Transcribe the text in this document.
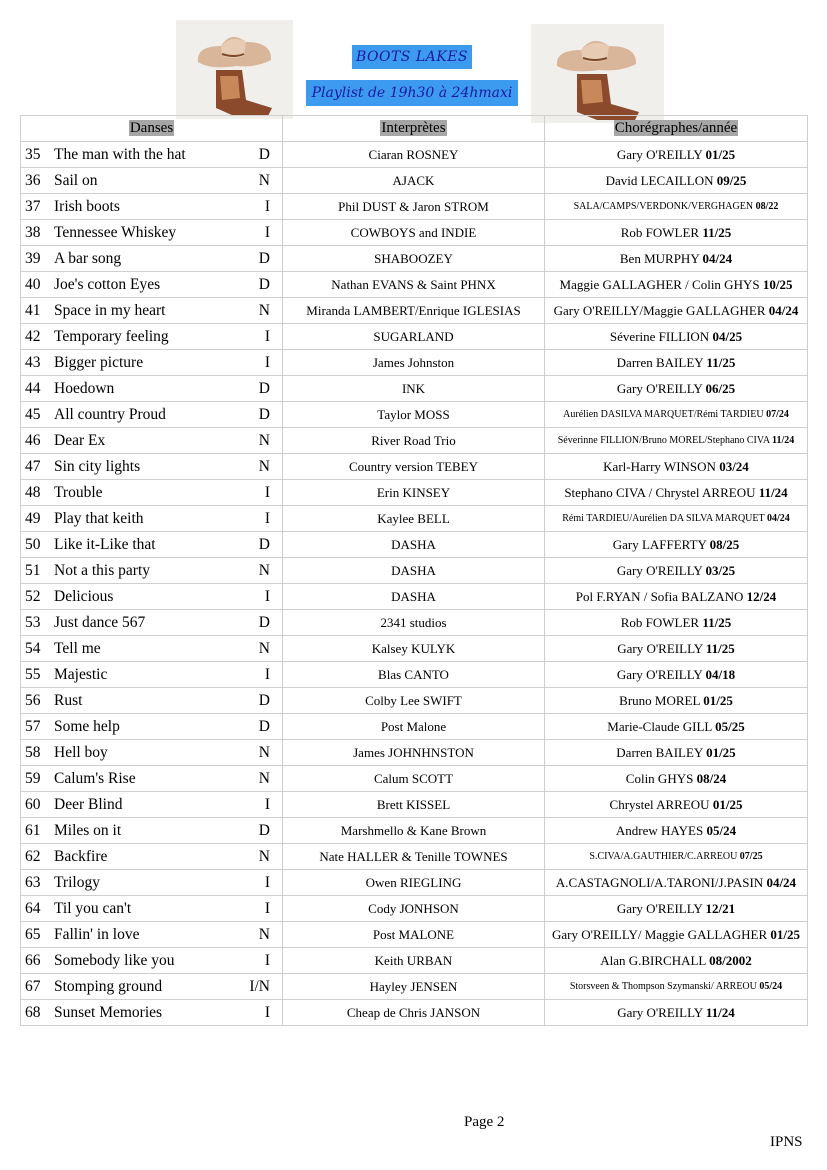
BOOTS LAKES
Playlist de 19h30 à 24hmaxi
Danses	Interprètes	Chorégraphes/année

35 The man with the hat D	Ciaran ROSNEY	Gary O'REILLY 01/25

36 Sail on N	AJACK	David LECAILLON 09/25

37 Irish boots I	Phil DUST & Jaron STROM	SALA/CAMPS/VERDONK/VERGHAGEN 08/22

38 Tennessee Whiskey I	COWBOYS and INDIE	Rob FOWLER 11/25

39 A bar song D	SHABOOZEY	Ben MURPHY 04/24

40 Joe's cotton Eyes D	Nathan EVANS & Saint PHNX	Maggie GALLAGHER / Colin GHYS 10/25

41 Space in my heart N	Miranda LAMBERT/Enrique IGLESIAS	Gary O'REILLY/Maggie GALLAGHER 04/24

42 Temporary feeling I	SUGARLAND	Séverine FILLION 04/25

43 Bigger picture I	James Johnston	Darren BAILEY 11/25

44 Hoedown D	INK	Gary O'REILLY 06/25

45 All country Proud D	Taylor MOSS	Aurélien DASILVA MARQUET/Rémi TARDIEU 07/24

46 Dear Ex N	River Road Trio	Séverinne FILLION/Bruno MOREL/Stephano CIVA 11/24

47 Sin city lights N	Country version TEBEY	Karl-Harry WINSON 03/24

48 Trouble I	Erin KINSEY	Stephano CIVA / Chrystel ARREOU 11/24

49 Play that keith I	Kaylee BELL	Rémi TARDIEU/Aurélien DA SILVA MARQUET 04/24

50 Like it-Like that D	DASHA	Gary LAFFERTY 08/25

51 Not a this party N	DASHA	Gary O'REILLY 03/25

52 Delicious I	DASHA	Pol F.RYAN / Sofia BALZANO 12/24

53 Just dance 567 D	2341 studios	Rob FOWLER 11/25

54 Tell me N	Kalsey KULYK	Gary O'REILLY 11/25

55 Majestic I	Blas CANTO	Gary O'REILLY 04/18

56 Rust D	Colby Lee SWIFT	Bruno MOREL 01/25

57 Some help D	Post Malone	Marie-Claude GILL 05/25

58 Hell boy N	James JOHNHNSTON	Darren BAILEY 01/25

59 Calum's Rise N	Calum SCOTT	Colin GHYS 08/24

60 Deer Blind I	Brett KISSEL	Chrystel ARREOU 01/25

61 Miles on it D	Marshmello & Kane Brown	Andrew HAYES 05/24

62 Backfire N	Nate HALLER & Tenille TOWNES	S.CIVA/A.GAUTHIER/C.ARREOU 07/25

63 Trilogy I	Owen RIEGLING	A.CASTAGNOLI/A.TARONI/J.PASIN 04/24

64 Til you can't I	Cody JONHSON	Gary O'REILLY 12/21

65 Fallin' in love N	Post MALONE	Gary O'REILLY/ Maggie GALLAGHER 01/25

66 Somebody like you I	Keith URBAN	Alan G.BIRCHALL 08/2002

67 Stomping ground I/N	Hayley JENSEN	Storsveen & Thompson Szymanski/ ARREOU 05/24

68 Sunset Memories I	Cheap de Chris JANSON	Gary O'REILLY 11/24
Page 2
IPNS
